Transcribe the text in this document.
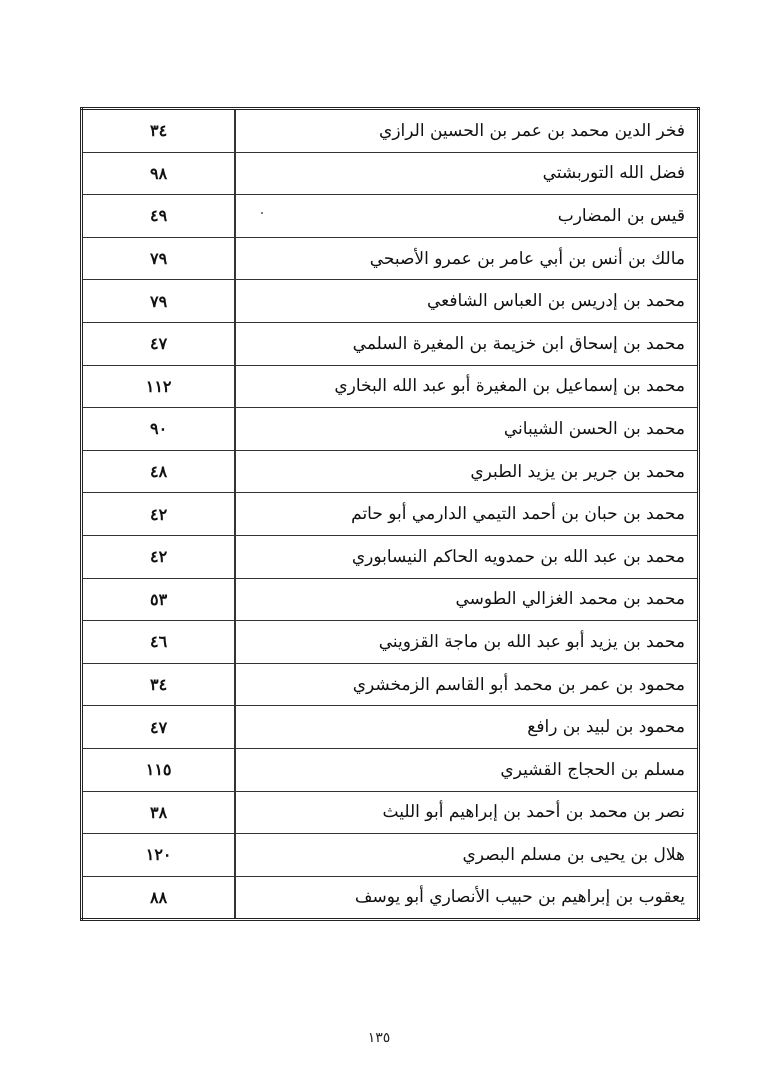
فخر الدين محمد بن عمر بن الحسين الرازي	٣٤
فضل الله التوربشتي	٩٨
قيس بن المضارب	٤٩
مالك بن أنس بن أبي عامر بن عمرو الأصبحي	٧٩
محمد بن إدريس بن العباس الشافعي	٧٩
محمد بن إسحاق ابن خزيمة بن المغيرة السلمي	٤٧
محمد بن إسماعيل بن المغيرة أبو عبد الله البخاري	١١٢
محمد بن الحسن الشيباني	٩٠
محمد بن جرير بن يزيد الطبري	٤٨
محمد بن حبان بن أحمد التيمي الدارمي أبو حاتم	٤٢
محمد بن عبد الله بن حمدويه الحاكم النيسابوري	٤٢
محمد بن محمد الغزالي الطوسي	٥٣
محمد بن يزيد أبو عبد الله بن ماجة القزويني	٤٦
محمود بن عمر بن محمد أبو القاسم الزمخشري	٣٤
محمود بن لبيد بن رافع	٤٧
مسلم بن الحجاج القشيري	١١٥
نصر بن محمد بن أحمد بن إبراهيم أبو الليث	٣٨
هلال بن يحيى بن مسلم البصري	١٢٠
يعقوب بن إبراهيم بن حبيب الأنصاري أبو يوسف	٨٨
١٣٥
